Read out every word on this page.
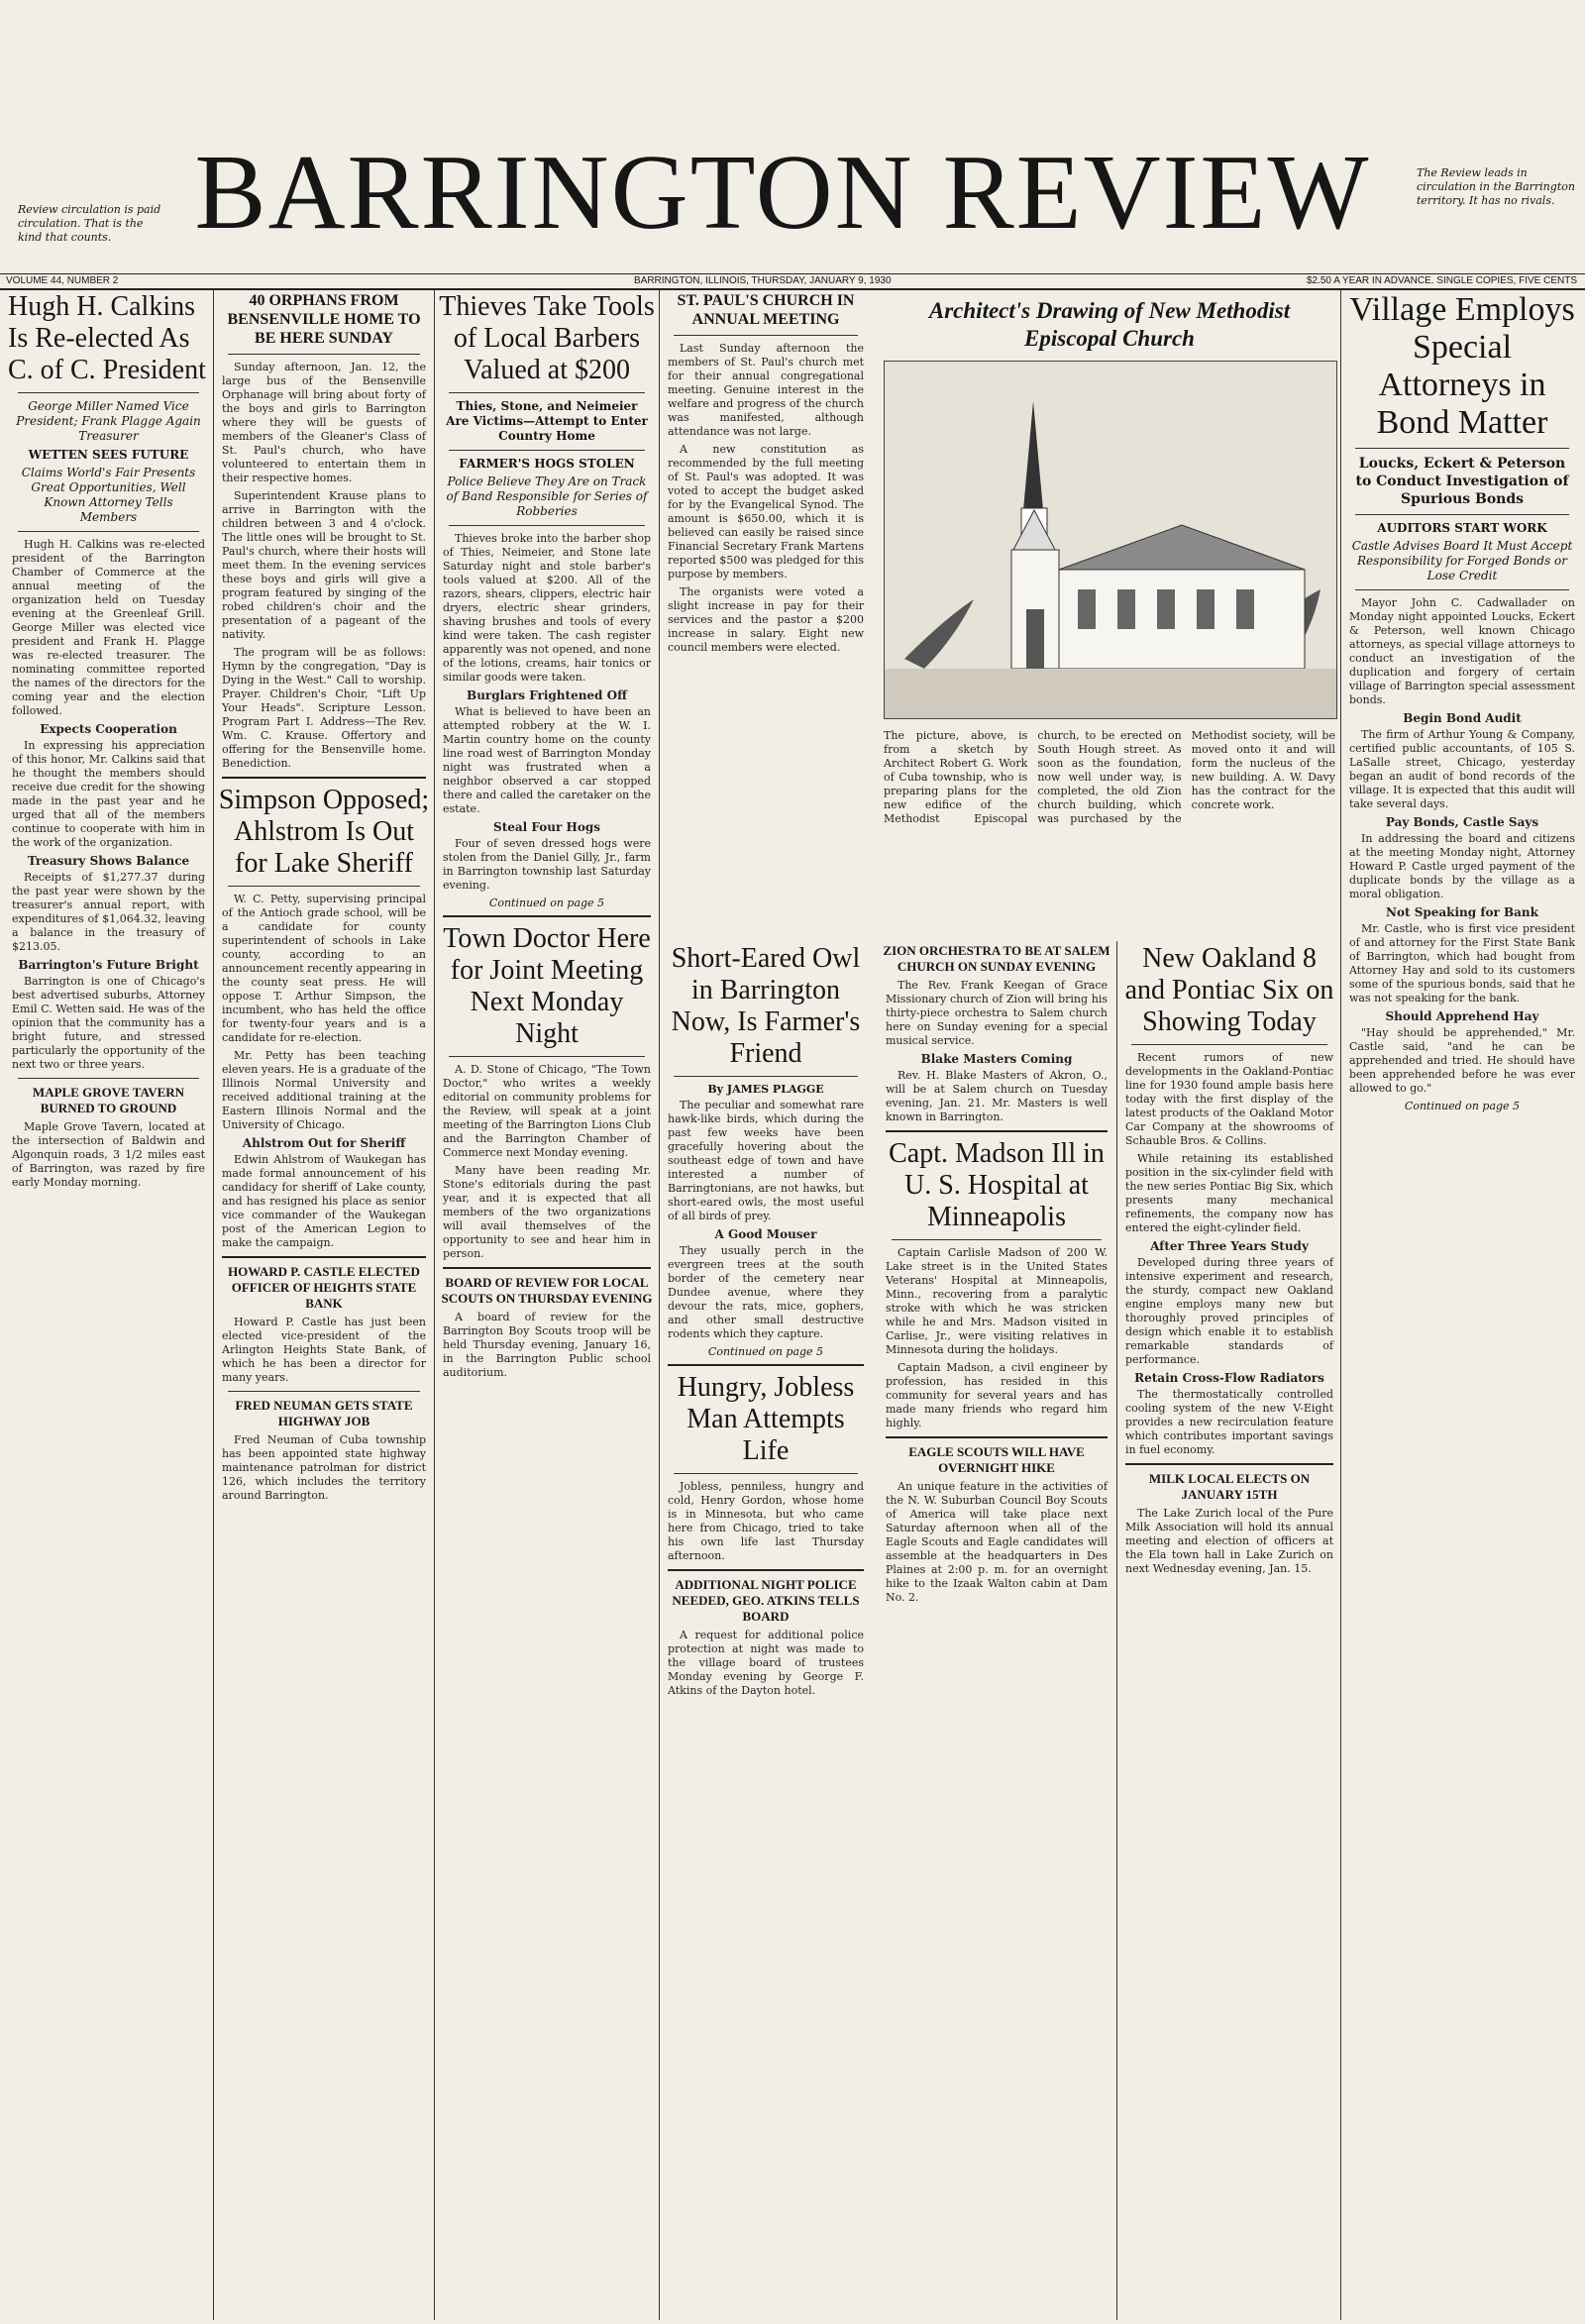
Review circulation is paid circulation. That is the kind that counts.
The Review leads in circulation in the Barrington territory. It has no rivals.
BARRINGTON REVIEW
VOLUME 44, NUMBER 2	BARRINGTON, ILLINOIS, THURSDAY, JANUARY 9, 1930	$2.50 A YEAR IN ADVANCE. SINGLE COPIES, FIVE CENTS
Hugh H. Calkins Is Re-elected As C. of C. President
George Miller Named Vice President; Frank Plagge Again Treasurer
WETTEN SEES FUTURE
Claims World's Fair Presents Great Opportunities, Well Known Attorney Tells Members

Hugh H. Calkins was re-elected president of the Barrington Chamber of Commerce at the annual meeting of the organization held on Tuesday evening at the Greenleaf Grill. George Miller was elected vice president and Frank H. Plagge was re-elected treasurer. The nominating committee reported the names of the directors for the coming year and the election followed.

Expects Cooperation

In expressing his appreciation of this honor, Mr. Calkins said that he thought the members should receive due credit for the showing made in the past year and he urged that all of the members continue to cooperate with him in the work of the organization.

Treasury Shows Balance

Receipts of $1,277.37 during the past year were shown by the treasurer's annual report, with expenditures of $1,064.32, leaving a balance in the treasury of $213.05.

Barrington's Future Bright

Barrington is one of Chicago's best advertised suburbs, Attorney Emil C. Wetten said. He was of the opinion that the community has a bright future, and stressed particularly the opportunity of the next two or three years.

MAPLE GROVE TAVERN BURNED TO GROUND

Maple Grove Tavern, located at the intersection of Baldwin and Algonquin roads, 3 1/2 miles east of Barrington, was razed by fire early Monday morning.

40 ORPHANS FROM BENSENVILLE HOME TO BE HERE SUNDAY

Sunday afternoon, Jan. 12, the large bus of the Bensenville Orphanage will bring about forty of the boys and girls to Barrington where they will be guests of members of the Gleaner's Class of St. Paul's church, who have volunteered to entertain them in their respective homes.

Superintendent Krause plans to arrive in Barrington with the children between 3 and 4 o'clock. The little ones will be brought to St. Paul's church, where their hosts will meet them. In the evening services these boys and girls will give a program featured by singing of the robed children's choir and the presentation of a pageant of the nativity.

The program will be as follows: Hymn by the congregation, "Day is Dying in the West." Call to worship. Prayer. Children's Choir, "Lift Up Your Heads". Scripture Lesson. Program Part I. Address—The Rev. Wm. C. Krause. Offertory and offering for the Bensenville home. Benediction.

Simpson Opposed; Ahlstrom Is Out for Lake Sheriff

W. C. Petty, supervising principal of the Antioch grade school, will be a candidate for county superintendent of schools in Lake county, according to an announcement recently appearing in the county seat press. He will oppose T. Arthur Simpson, the incumbent, who has held the office for twenty-four years and is a candidate for re-election.

Mr. Petty has been teaching eleven years. He is a graduate of the Illinois Normal University and received additional training at the Eastern Illinois Normal and the University of Chicago.

Ahlstrom Out for Sheriff

Edwin Ahlstrom of Waukegan has made formal announcement of his candidacy for sheriff of Lake county, and has resigned his place as senior vice commander of the Waukegan post of the American Legion to make the campaign.

HOWARD P. CASTLE ELECTED OFFICER OF HEIGHTS STATE BANK

Howard P. Castle has just been elected vice-president of the Arlington Heights State Bank, of which he has been a director for many years.

FRED NEUMAN GETS STATE HIGHWAY JOB

Fred Neuman of Cuba township has been appointed state highway maintenance patrolman for district 126, which includes the territory around Barrington.

Thieves Take Tools of Local Barbers Valued at $200
Thies, Stone, and Neimeier Are Victims—Attempt to Enter Country Home
FARMER'S HOGS STOLEN
Police Believe They Are on Track of Band Responsible for Series of Robberies

Thieves broke into the barber shop of Thies, Neimeier, and Stone late Saturday night and stole barber's tools valued at $200. All of the razors, shears, clippers, electric hair dryers, electric shear grinders, shaving brushes and tools of every kind were taken. The cash register apparently was not opened, and none of the lotions, creams, hair tonics or similar goods were taken.

Burglars Frightened Off

What is believed to have been an attempted robbery at the W. I. Martin country home on the county line road west of Barrington Monday night was frustrated when a neighbor observed a car stopped there and called the caretaker on the estate.

Steal Four Hogs

Four of seven dressed hogs were stolen from the Daniel Gilly, Jr., farm in Barrington township last Saturday evening.

Continued on page 5
Town Doctor Here for Joint Meeting Next Monday Night

A. D. Stone of Chicago, "The Town Doctor," who writes a weekly editorial on community problems for the Review, will speak at a joint meeting of the Barrington Lions Club and the Barrington Chamber of Commerce next Monday evening.

Many have been reading Mr. Stone's editorials during the past year, and it is expected that all members of the two organizations will avail themselves of the opportunity to see and hear him in person.

BOARD OF REVIEW FOR LOCAL SCOUTS ON THURSDAY EVENING

A board of review for the Barrington Boy Scouts troop will be held Thursday evening, January 16, in the Barrington Public school auditorium.

ST. PAUL'S CHURCH IN ANNUAL MEETING

Last Sunday afternoon the members of St. Paul's church met for their annual congregational meeting. Genuine interest in the welfare and progress of the church was manifested, although attendance was not large.

A new constitution as recommended by the full meeting of St. Paul's was adopted. It was voted to accept the budget asked for by the Evangelical Synod. The amount is $650.00, which it is believed can easily be raised since Financial Secretary Frank Martens reported $500 was pledged for this purpose by members.

The organists were voted a slight increase in pay for their services and the pastor a $200 increase in salary. Eight new council members were elected.

Short-Eared Owl in Barrington Now, Is Farmer's Friend
By JAMES PLAGGE

The peculiar and somewhat rare hawk-like birds, which during the past few weeks have been gracefully hovering about the southeast edge of town and have interested a number of Barringtonians, are not hawks, but short-eared owls, the most useful of all birds of prey.

A Good Mouser

They usually perch in the evergreen trees at the south border of the cemetery near Dundee avenue, where they devour the rats, mice, gophers, and other small destructive rodents which they capture.

Continued on page 5
Hungry, Jobless Man Attempts Life

Jobless, penniless, hungry and cold, Henry Gordon, whose home is in Minnesota, but who came here from Chicago, tried to take his own life last Thursday afternoon.

ADDITIONAL NIGHT POLICE NEEDED, GEO. ATKINS TELLS BOARD

A request for additional police protection at night was made to the village board of trustees Monday evening by George F. Atkins of the Dayton hotel.

ZION ORCHESTRA TO BE AT SALEM CHURCH ON SUNDAY EVENING

The Rev. Frank Keegan of Grace Missionary church of Zion will bring his thirty-piece orchestra to Salem church here on Sunday evening for a special musical service.

Blake Masters Coming

Rev. H. Blake Masters of Akron, O., will be at Salem church on Tuesday evening, Jan. 21. Mr. Masters is well known in Barrington.

Capt. Madson Ill in U. S. Hospital at Minneapolis

Captain Carlisle Madson of 200 W. Lake street is in the United States Veterans' Hospital at Minneapolis, Minn., recovering from a paralytic stroke with which he was stricken while he and Mrs. Madson visited in Carlise, Jr., were visiting relatives in Minnesota during the holidays.

Captain Madson, a civil engineer by profession, has resided in this community for several years and has made many friends who regard him highly.

EAGLE SCOUTS WILL HAVE OVERNIGHT HIKE

An unique feature in the activities of the N. W. Suburban Council Boy Scouts of America will take place next Saturday afternoon when all of the Eagle Scouts and Eagle candidates will assemble at the headquarters in Des Plaines at 2:00 p. m. for an overnight hike to the Izaak Walton cabin at Dam No. 2.

Architect's Drawing of New Methodist Episcopal Church
The picture, above, is from a sketch by Architect Robert G. Work of Cuba township, who is preparing plans for the new edifice of the Methodist Episcopal church, to be erected on South Hough street. As soon as the foundation, now well under way, is completed, the old Zion church building, which was purchased by the Methodist society, will be moved onto it and will form the nucleus of the new building. A. W. Davy has the contract for the concrete work.
New Oakland 8 and Pontiac Six on Showing Today

Recent rumors of new developments in the Oakland-Pontiac line for 1930 found ample basis here today with the first display of the latest products of the Oakland Motor Car Company at the showrooms of Schauble Bros. & Collins.

While retaining its established position in the six-cylinder field with the new series Pontiac Big Six, which presents many mechanical refinements, the company now has entered the eight-cylinder field.

After Three Years Study

Developed during three years of intensive experiment and research, the sturdy, compact new Oakland engine employs many new but thoroughly proved principles of design which enable it to establish remarkable standards of performance.

Retain Cross-Flow Radiators

The thermostatically controlled cooling system of the new V-Eight provides a new recirculation feature which contributes important savings in fuel economy.

MILK LOCAL ELECTS ON JANUARY 15TH

The Lake Zurich local of the Pure Milk Association will hold its annual meeting and election of officers at the Ela town hall in Lake Zurich on next Wednesday evening, Jan. 15.

Village Employs Special Attorneys in Bond Matter
Loucks, Eckert & Peterson to Conduct Investigation of Spurious Bonds
AUDITORS START WORK
Castle Advises Board It Must Accept Responsibility for Forged Bonds or Lose Credit

Mayor John C. Cadwallader on Monday night appointed Loucks, Eckert & Peterson, well known Chicago attorneys, as special village attorneys to conduct an investigation of the duplication and forgery of certain village of Barrington special assessment bonds.

Begin Bond Audit

The firm of Arthur Young & Company, certified public accountants, of 105 S. LaSalle street, Chicago, yesterday began an audit of bond records of the village. It is expected that this audit will take several days.

Pay Bonds, Castle Says

In addressing the board and citizens at the meeting Monday night, Attorney Howard P. Castle urged payment of the duplicate bonds by the village as a moral obligation.

Not Speaking for Bank

Mr. Castle, who is first vice president of and attorney for the First State Bank of Barrington, which had bought from Attorney Hay and sold to its customers some of the spurious bonds, said that he was not speaking for the bank.

Should Apprehend Hay

"Hay should be apprehended," Mr. Castle said, "and he can be apprehended and tried. He should have been apprehended before he was ever allowed to go."

Continued on page 5
